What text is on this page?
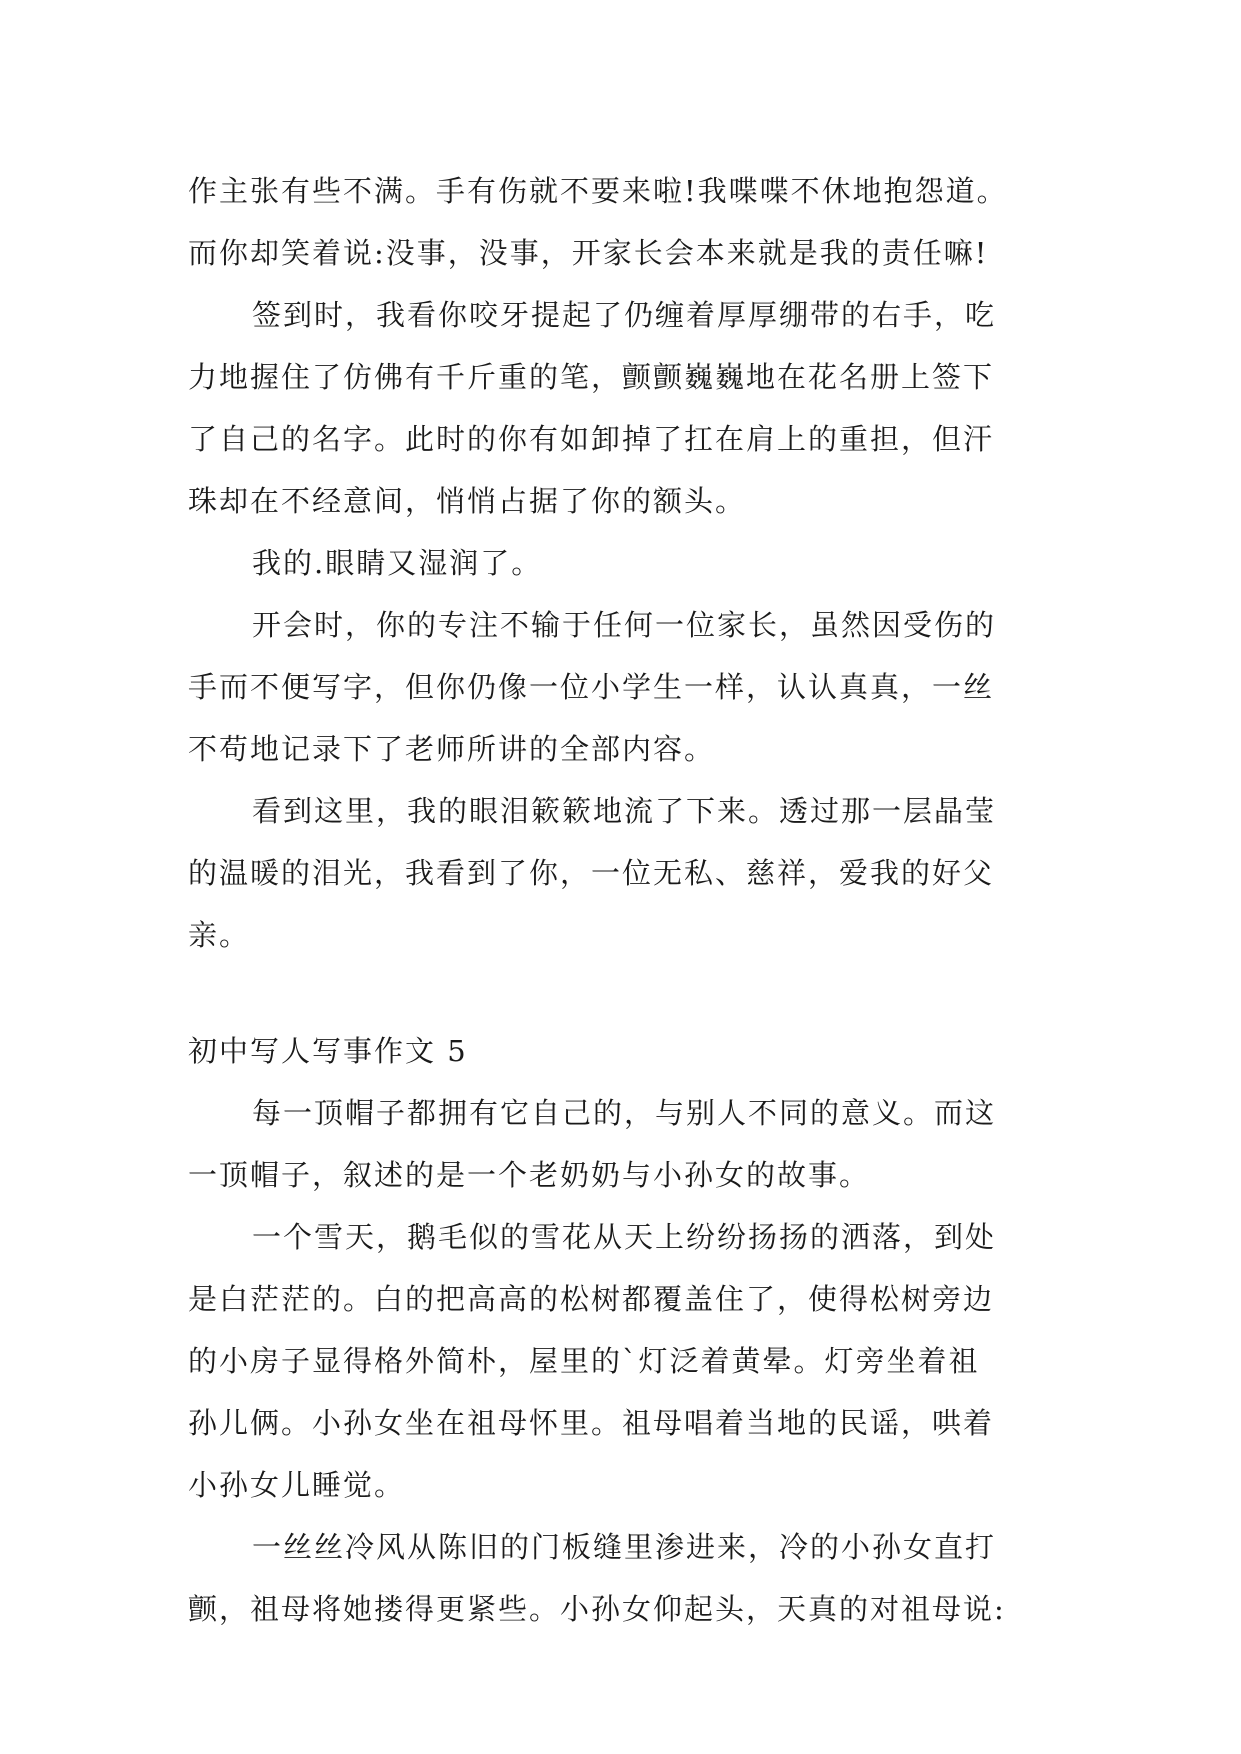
作主张有些不满。手有伤就不要来啦!我喋喋不休地抱怨道。
而你却笑着说:没事，没事，开家长会本来就是我的责任嘛!
签到时，我看你咬牙提起了仍缠着厚厚绷带的右手，吃
力地握住了仿佛有千斤重的笔，颤颤巍巍地在花名册上签下
了自己的名字。此时的你有如卸掉了扛在肩上的重担，但汗
珠却在不经意间，悄悄占据了你的额头。
我的.眼睛又湿润了。
开会时，你的专注不输于任何一位家长，虽然因受伤的
手而不便写字，但你仍像一位小学生一样，认认真真，一丝
不苟地记录下了老师所讲的全部内容。
看到这里，我的眼泪簌簌地流了下来。透过那一层晶莹
的温暖的泪光，我看到了你，一位无私、慈祥，爱我的好父
亲。
初中写人写事作文 5
每一顶帽子都拥有它自己的，与别人不同的意义。而这
一顶帽子，叙述的是一个老奶奶与小孙女的故事。
一个雪天，鹅毛似的雪花从天上纷纷扬扬的洒落，到处
是白茫茫的。白的把高高的松树都覆盖住了，使得松树旁边
的小房子显得格外简朴，屋里的`灯泛着黄晕。灯旁坐着祖
孙儿俩。小孙女坐在祖母怀里。祖母唱着当地的民谣，哄着
小孙女儿睡觉。
一丝丝冷风从陈旧的门板缝里渗进来，冷的小孙女直打
颤，祖母将她搂得更紧些。小孙女仰起头，天真的对祖母说:
